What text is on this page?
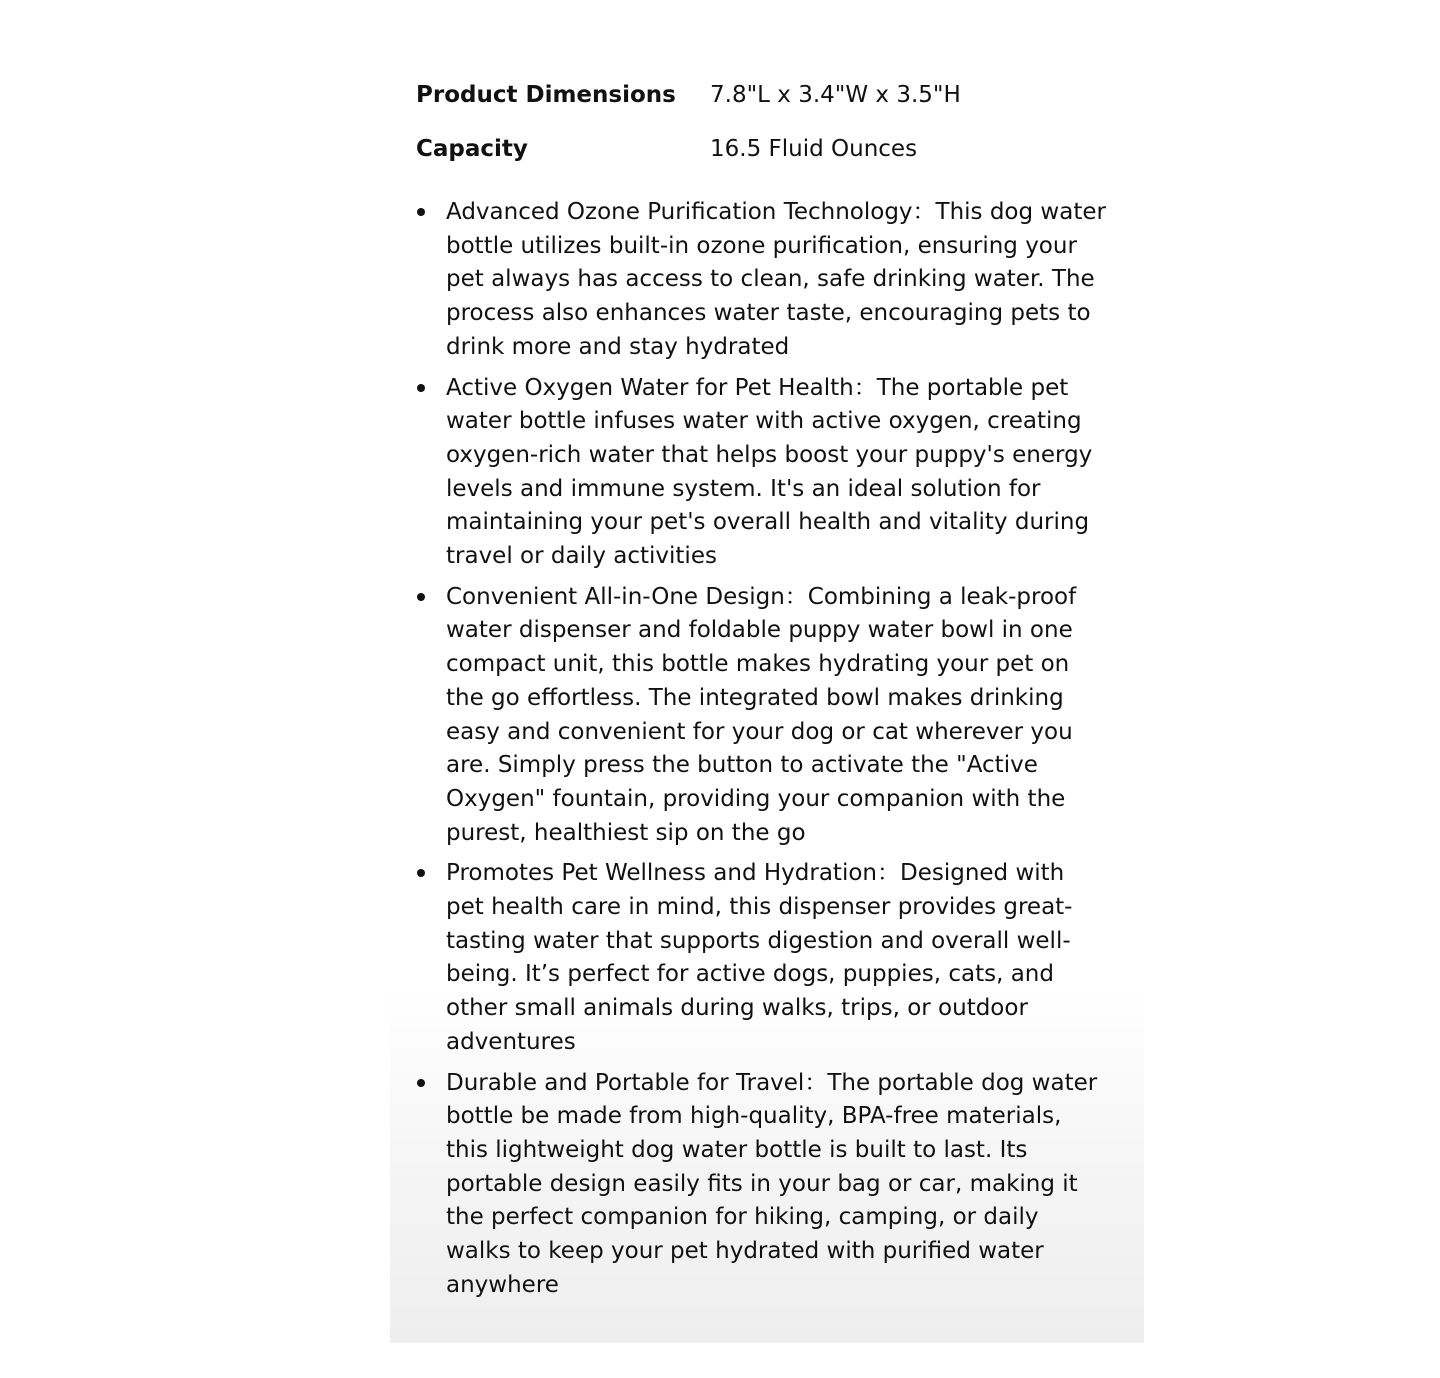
Product Dimensions	7.8"L x 3.4"W x 3.5"H
Capacity	16.5 Fluid Ounces
Advanced Ozone Purification Technology：This dog water bottle utilizes built-in ozone purification, ensuring your pet always has access to clean, safe drinking water. The process also enhances water taste, encouraging pets to drink more and stay hydrated
Active Oxygen Water for Pet Health：The portable pet water bottle infuses water with active oxygen, creating oxygen-rich water that helps boost your puppy's energy levels and immune system. It's an ideal solution for maintaining your pet's overall health and vitality during travel or daily activities
Convenient All-in-One Design：Combining a leak-proof water dispenser and foldable puppy water bowl in one compact unit, this bottle makes hydrating your pet on the go effortless. The integrated bowl makes drinking easy and convenient for your dog or cat wherever you are. Simply press the button to activate the "Active Oxygen" fountain, providing your companion with the purest, healthiest sip on the go
Promotes Pet Wellness and Hydration：Designed with pet health care in mind, this dispenser provides great-tasting water that supports digestion and overall well-being. It’s perfect for active dogs, puppies, cats, and other small animals during walks, trips, or outdoor adventures
Durable and Portable for Travel：The portable dog water bottle be made from high-quality, BPA-free materials, this lightweight dog water bottle is built to last. Its portable design easily fits in your bag or car, making it the perfect companion for hiking, camping, or daily walks to keep your pet hydrated with purified water anywhere
